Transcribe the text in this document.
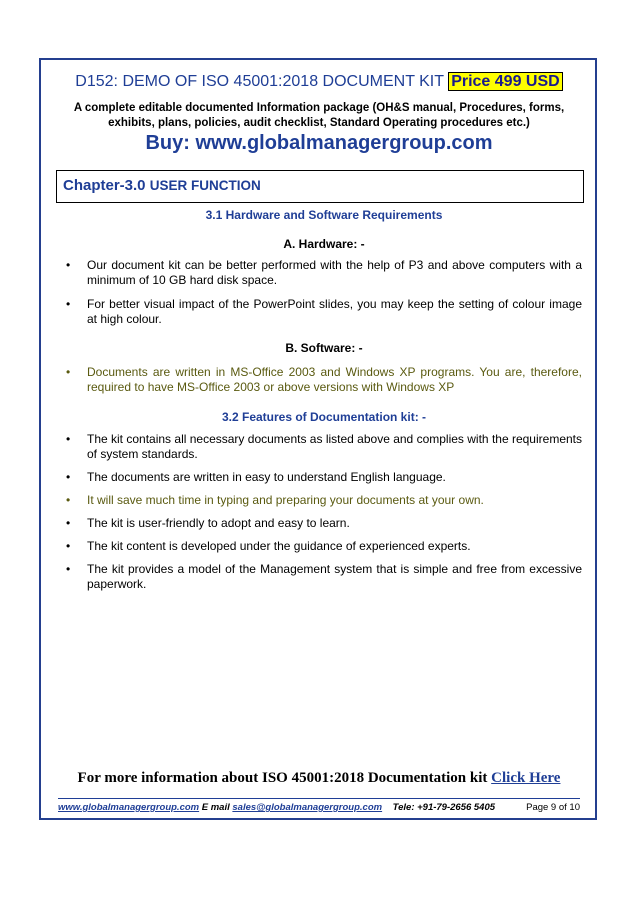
D152: DEMO OF ISO 45001:2018 DOCUMENT KIT Price 499 USD
A complete editable documented Information package (OH&S manual, Procedures, forms, exhibits, plans, policies, audit checklist, Standard Operating procedures etc.)
Buy: www.globalmanagergroup.com
Chapter-3.0 USER FUNCTION

3.1 Hardware and Software Requirements

A. Hardware: -

• Our document kit can be better performed with the help of P3 and above computers with a minimum of 10 GB hard disk space.
• For better visual impact of the PowerPoint slides, you may keep the setting of colour image at high colour.

B. Software: -

• Documents are written in MS-Office 2003 and Windows XP programs. You are, therefore, required to have MS-Office 2003 or above versions with Windows XP

3.2 Features of Documentation kit: -

• The kit contains all necessary documents as listed above and complies with the requirements of system standards.
• The documents are written in easy to understand English language.
• It will save much time in typing and preparing your documents at your own.
• The kit is user-friendly to adopt and easy to learn.
• The kit content is developed under the guidance of experienced experts.
• The kit provides a model of the Management system that is simple and free from excessive paperwork.
For more information about ISO 45001:2018 Documentation kit Click Here
www.globalmanagergroup.com E mail sales@globalmanagergroup.com Tele: +91-79-2656 5405	Page 9 of 10
